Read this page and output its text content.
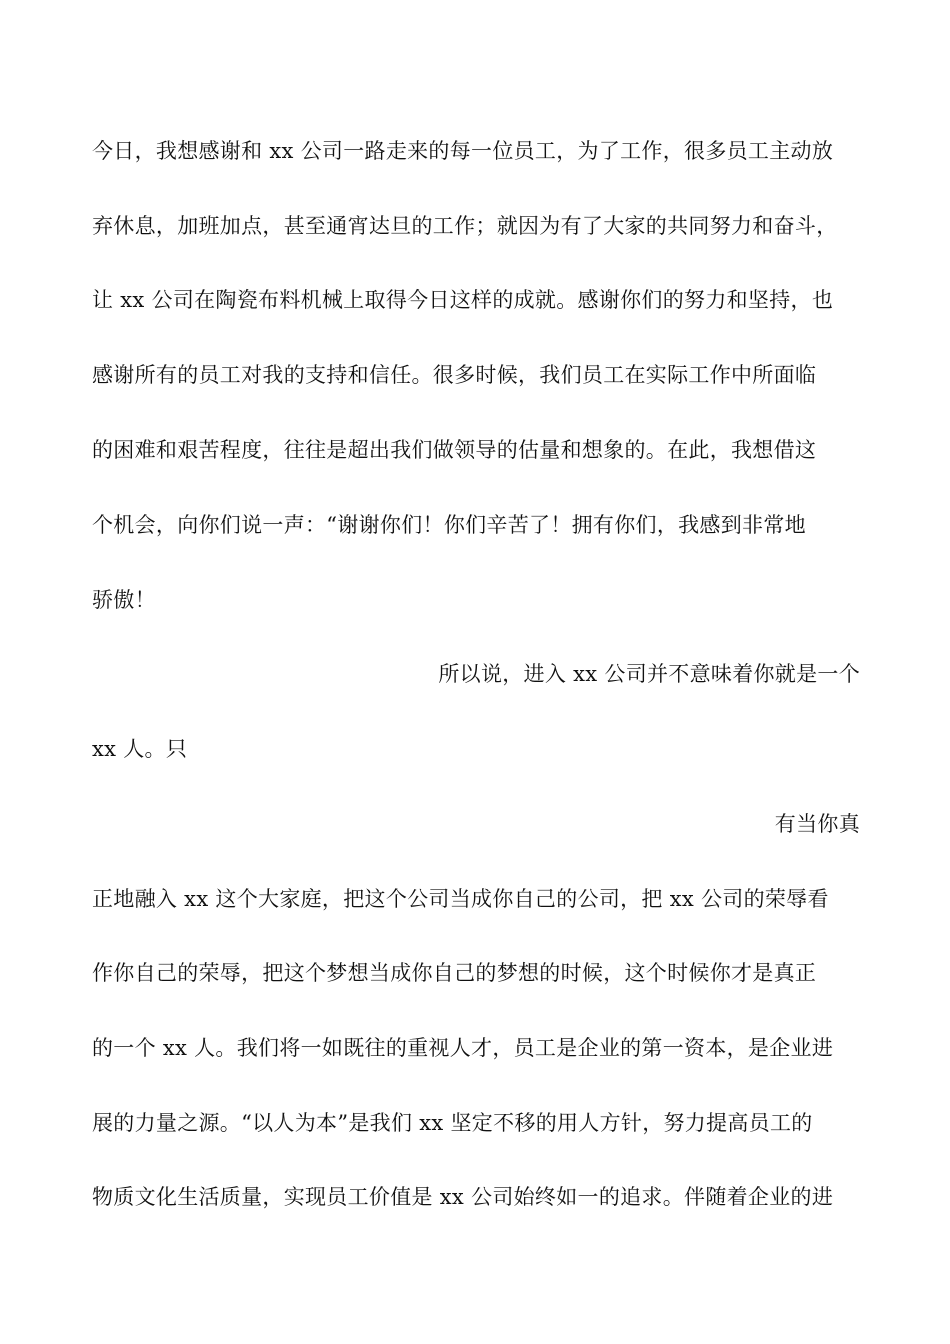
今日，我想感谢和 xx 公司一路走来的每一位员工，为了工作，很多员工主动放
弃休息，加班加点，甚至通宵达旦的工作；就因为有了大家的共同努力和奋斗，
让 xx 公司在陶瓷布料机械上取得今日这样的成就。感谢你们的努力和坚持，也
感谢所有的员工对我的支持和信任。很多时候，我们员工在实际工作中所面临
的困难和艰苦程度，往往是超出我们做领导的估量和想象的。在此，我想借这
个机会，向你们说一声：“谢谢你们！你们辛苦了！拥有你们，我感到非常地
骄傲！
所以说，进入 xx 公司并不意味着你就是一个
xx 人。只
有当你真
正地融入 xx 这个大家庭，把这个公司当成你自己的公司，把 xx 公司的荣辱看
作你自己的荣辱，把这个梦想当成你自己的梦想的时候，这个时候你才是真正
的一个 xx 人。我们将一如既往的重视人才，员工是企业的第一资本，是企业进
展的力量之源。“以人为本”是我们 xx 坚定不移的用人方针，努力提高员工的
物质文化生活质量，实现员工价值是 xx 公司始终如一的追求。伴随着企业的进
